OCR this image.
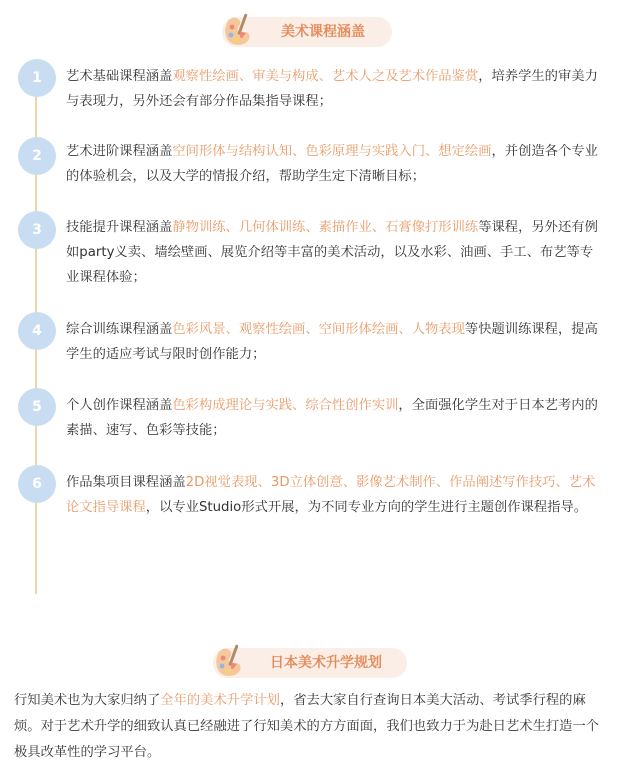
美术课程涵盖
1	艺术基础课程涵盖观察性绘画、审美与构成、艺术人之及艺术作品鉴赏，培养学生的审美力与表现力，另外还会有部分作品集指导课程；

2	艺术进阶课程涵盖空间形体与结构认知、色彩原理与实践入门、想定绘画，并创造各个专业的体验机会，以及大学的情报介绍，帮助学生定下清晰目标；

3	技能提升课程涵盖静物训练、几何体训练、素描作业、石膏像打形训练等课程，另外还有例如party义卖、墙绘壁画、展览介绍等丰富的美术活动，以及水彩、油画、手工、布艺等专业课程体验；

4	综合训练课程涵盖色彩风景、观察性绘画、空间形体绘画、人物表现等快题训练课程，提高学生的适应考试与限时创作能力；

5	个人创作课程涵盖色彩构成理论与实践、综合性创作实训，全面强化学生对于日本艺考内的素描、速写、色彩等技能；

6	作品集项目课程涵盖2D视觉表现、3D立体创意、影像艺术制作、作品阐述写作技巧、艺术论文指导课程，以专业Studio形式开展，为不同专业方向的学生进行主题创作课程指导。

日本美术升学规划

行知美术也为大家归纳了全年的美术升学计划，省去大家自行查询日本美大活动、考试季行程的麻烦。对于艺术升学的细致认真已经融进了行知美术的方方面面，我们也致力于为赴日艺术生打造一个极具改革性的学习平台。
